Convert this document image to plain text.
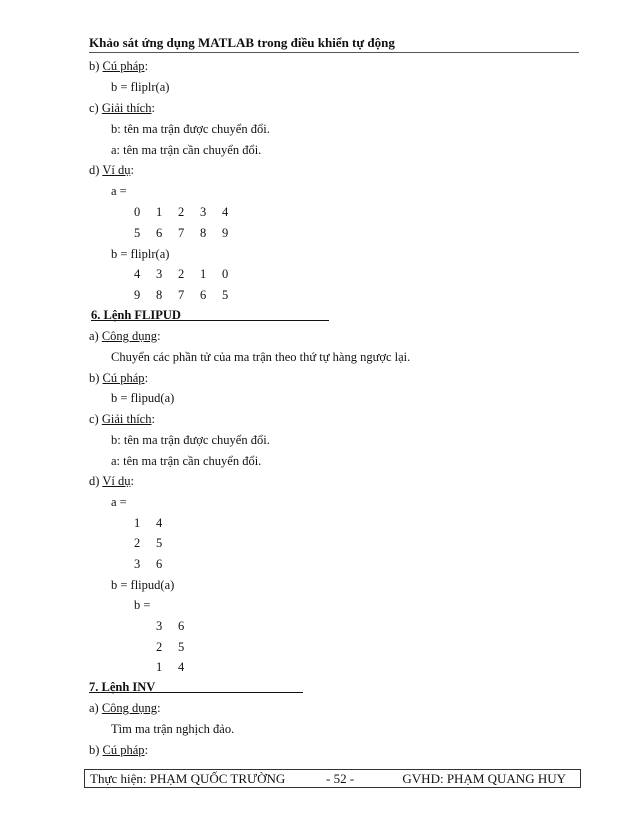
Khảo sát ứng dụng MATLAB trong điều khiển tự động
b) Cú pháp:
b = fliplr(a)
c) Giải thích:
b: tên ma trận được chuyển đổi.
a: tên ma trận cần chuyển đổi.
d) Ví dụ:
a =
0 1 2 3 4
5 6 7 8 9
b = fliplr(a)
4 3 2 1 0
9 8 7 6 5
6. Lệnh FLIPUD
a) Công dụng:
Chuyển các phần tử của ma trận theo thứ tự hàng ngược lại.
b) Cú pháp:
b = flipud(a)
c) Giải thích:
b: tên ma trận được chuyển đổi.
a: tên ma trận cần chuyển đổi.
d) Ví dụ:
a =
1 4
2 5
3 6
b = flipud(a)
b =
3 6
2 5
1 4
7. Lệnh INV
a) Công dụng:
Tìm ma trận nghịch đảo.
b) Cú pháp:
Thực hiện: PHẠM QUỐC TRƯỜNG	- 52 -	GVHD: PHẠM QUANG HUY
